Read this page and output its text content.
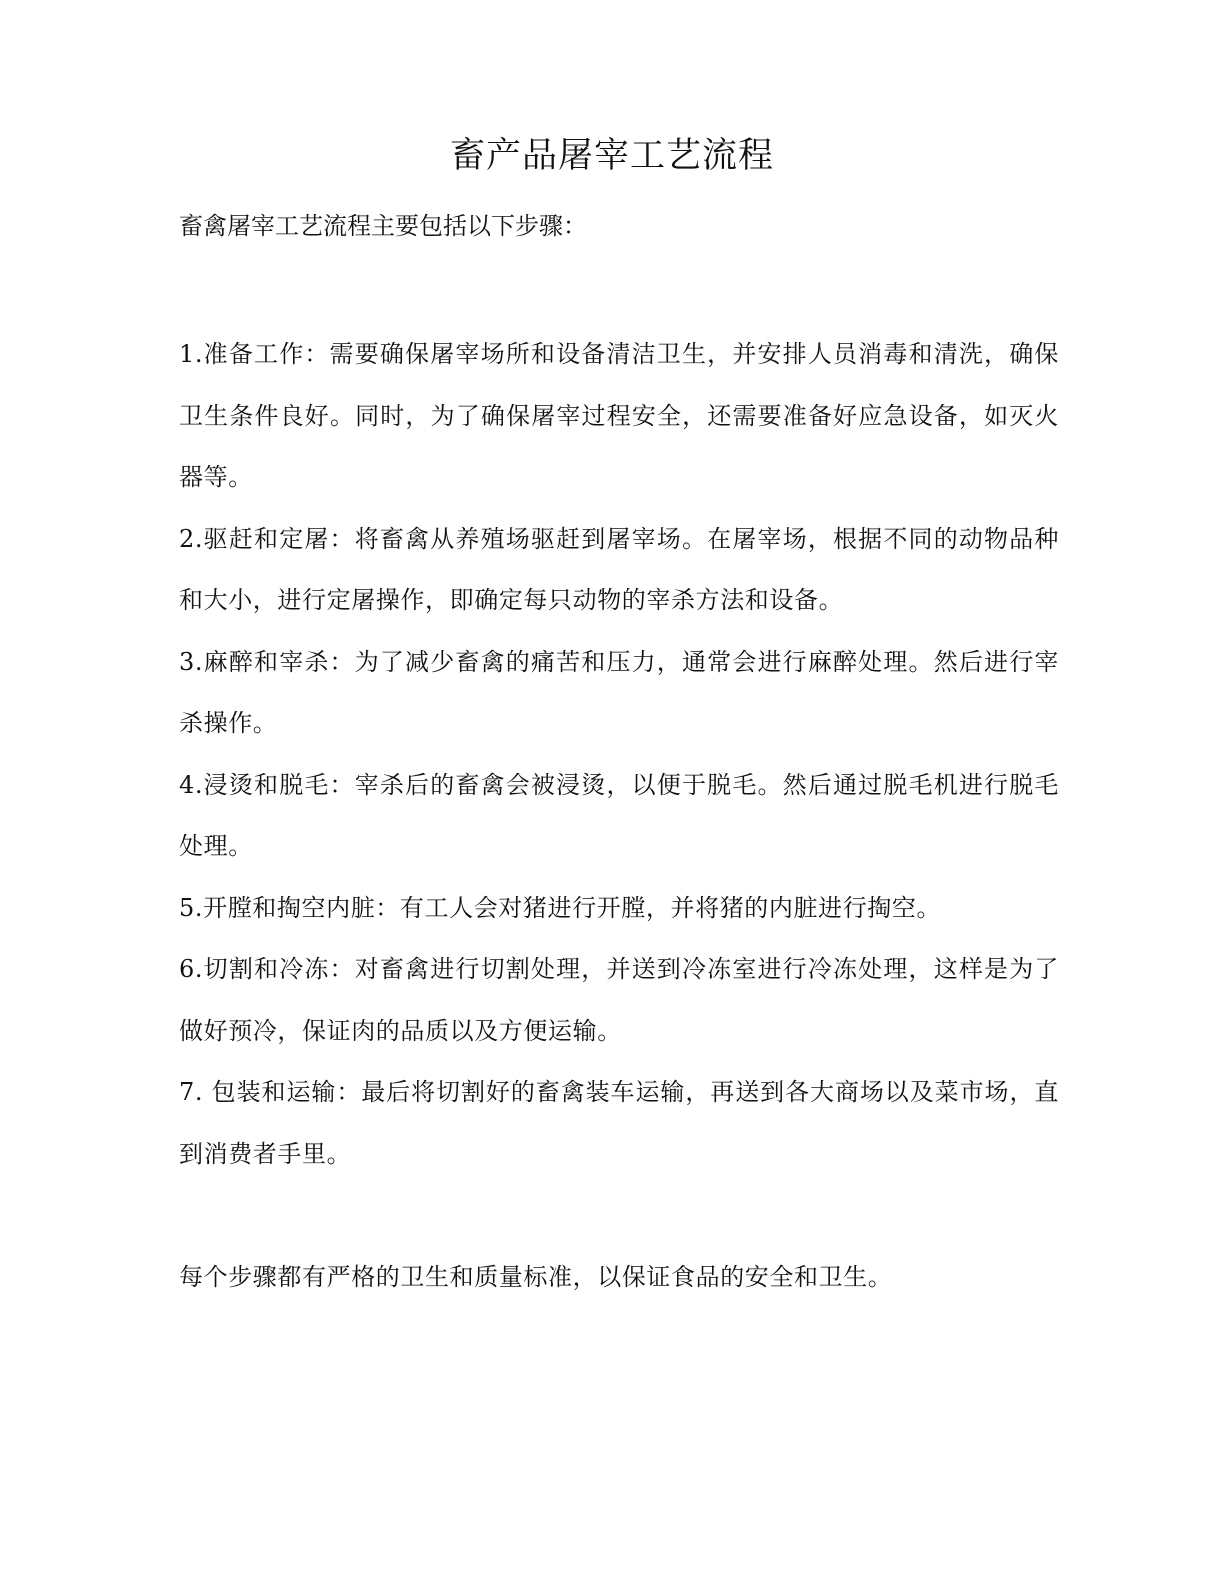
畜产品屠宰工艺流程

畜禽屠宰工艺流程主要包括以下步骤：

1.准备工作：需要确保屠宰场所和设备清洁卫生，并安排人员消毒和清洗，确保卫生条件良好。同时，为了确保屠宰过程安全，还需要准备好应急设备，如灭火器等。

2.驱赶和定屠：将畜禽从养殖场驱赶到屠宰场。在屠宰场，根据不同的动物品种和大小，进行定屠操作，即确定每只动物的宰杀方法和设备。

3.麻醉和宰杀：为了减少畜禽的痛苦和压力，通常会进行麻醉处理。然后进行宰杀操作。

4.浸烫和脱毛：宰杀后的畜禽会被浸烫，以便于脱毛。然后通过脱毛机进行脱毛处理。

5.开膛和掏空内脏：有工人会对猪进行开膛，并将猪的内脏进行掏空。

6.切割和冷冻：对畜禽进行切割处理，并送到冷冻室进行冷冻处理，这样是为了做好预冷，保证肉的品质以及方便运输。

7. 包装和运输：最后将切割好的畜禽装车运输，再送到各大商场以及菜市场，直到消费者手里。

每个步骤都有严格的卫生和质量标准，以保证食品的安全和卫生。
